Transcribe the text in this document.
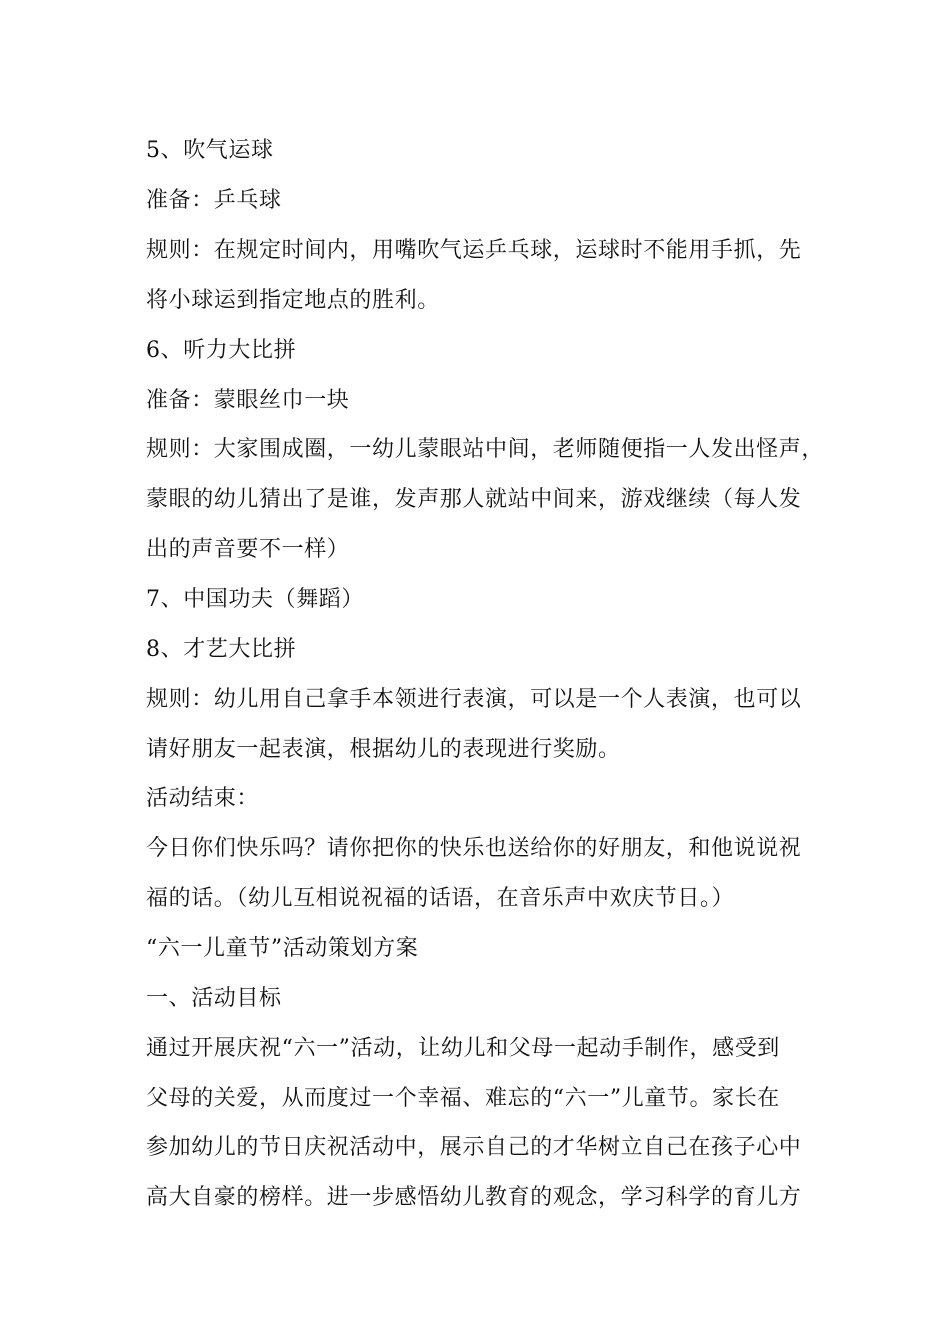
5、吹气运球
准备：乒乓球
规则：在规定时间内，用嘴吹气运乒乓球，运球时不能用手抓，先
将小球运到指定地点的胜利。
6、听力大比拼
准备：蒙眼丝巾一块
规则：大家围成圈，一幼儿蒙眼站中间，老师随便指一人发出怪声，
蒙眼的幼儿猜出了是谁，发声那人就站中间来，游戏继续（每人发
出的声音要不一样）
7、中国功夫（舞蹈）
8、才艺大比拼
规则：幼儿用自己拿手本领进行表演，可以是一个人表演，也可以
请好朋友一起表演，根据幼儿的表现进行奖励。
活动结束：
今日你们快乐吗？请你把你的快乐也送给你的好朋友，和他说说祝
福的话。（幼儿互相说祝福的话语，在音乐声中欢庆节日。）
“六一儿童节”活动策划方案
一、活动目标
通过开展庆祝“六一”活动，让幼儿和父母一起动手制作，感受到
父母的关爱，从而度过一个幸福、难忘的“六一”儿童节。家长在
参加幼儿的节日庆祝活动中，展示自己的才华树立自己在孩子心中
高大自豪的榜样。进一步感悟幼儿教育的观念，学习科学的育儿方
